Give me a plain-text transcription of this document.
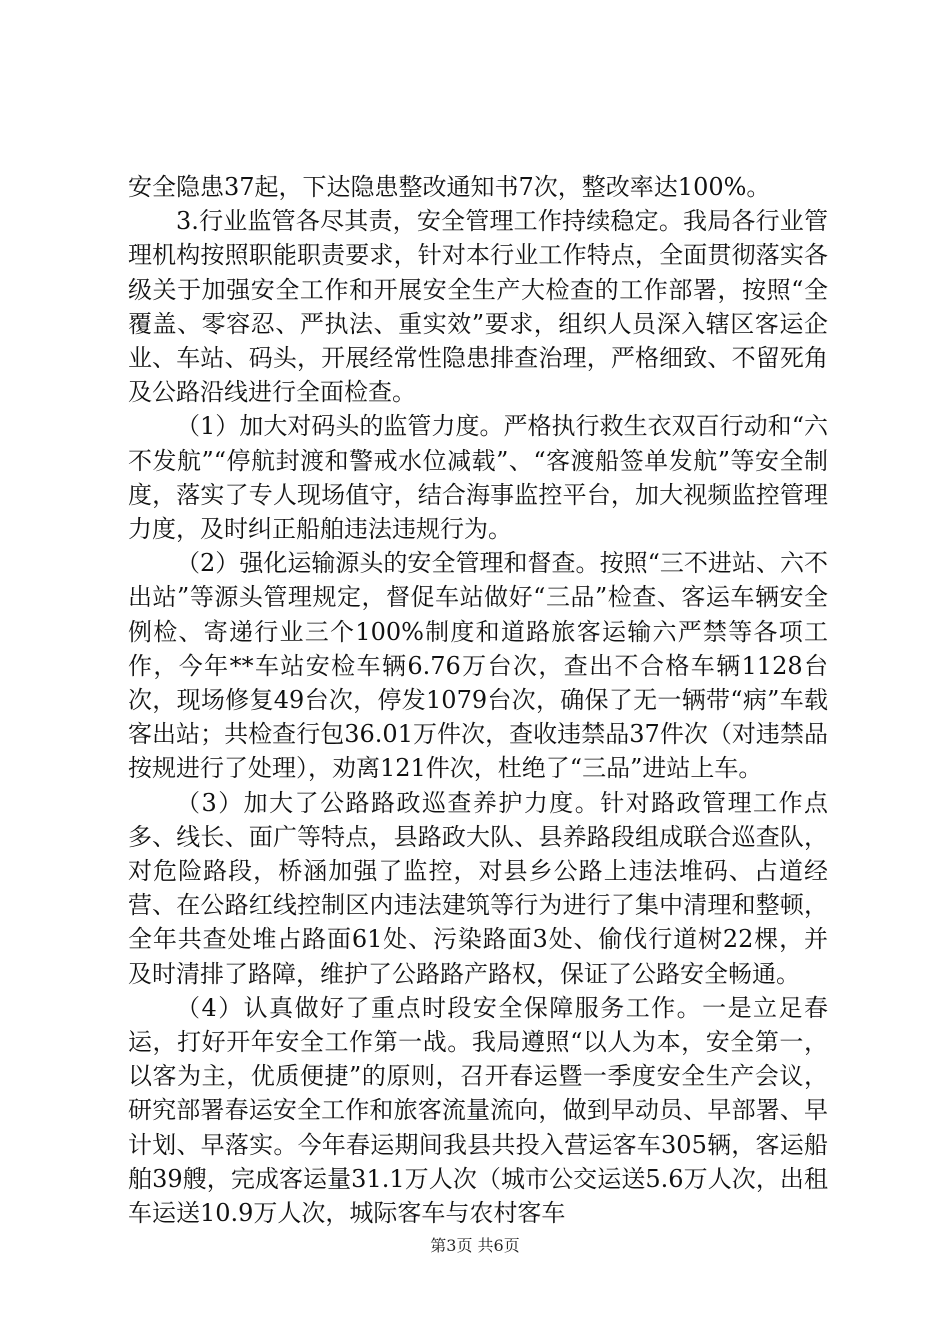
安全隐患37起，下达隐患整改通知书7次，整改率达100%。

3.行业监管各尽其责，安全管理工作持续稳定。我局各行业管理机构按照职能职责要求，针对本行业工作特点，全面贯彻落实各级关于加强安全工作和开展安全生产大检查的工作部署，按照“全覆盖、零容忍、严执法、重实效”要求，组织人员深入辖区客运企业、车站、码头，开展经常性隐患排查治理，严格细致、不留死角及公路沿线进行全面检查。

（1）加大对码头的监管力度。严格执行救生衣双百行动和“六不发航”“停航封渡和警戒水位减载”、“客渡船签单发航”等安全制度，落实了专人现场值守，结合海事监控平台，加大视频监控管理力度，及时纠正船舶违法违规行为。

（2）强化运输源头的安全管理和督查。按照“三不进站、六不出站”等源头管理规定，督促车站做好“三品”检查、客运车辆安全例检、寄递行业三个100%制度和道路旅客运输六严禁等各项工作，今年**车站安检车辆6.76万台次，查出不合格车辆1128台次，现场修复49台次，停发1079台次，确保了无一辆带“病”车载客出站；共检查行包36.01万件次，查收违禁品37件次（对违禁品按规进行了处理），劝离121件次，杜绝了“三品”进站上车。

（3）加大了公路路政巡查养护力度。针对路政管理工作点多、线长、面广等特点，县路政大队、县养路段组成联合巡查队，对危险路段，桥涵加强了监控，对县乡公路上违法堆码、占道经营、在公路红线控制区内违法建筑等行为进行了集中清理和整顿，全年共查处堆占路面61处、污染路面3处、偷伐行道树22棵，并及时清排了路障，维护了公路路产路权，保证了公路安全畅通。

（4）认真做好了重点时段安全保障服务工作。一是立足春运，打好开年安全工作第一战。我局遵照“以人为本，安全第一，以客为主，优质便捷”的原则，召开春运暨一季度安全生产会议，研究部署春运安全工作和旅客流量流向，做到早动员、早部署、早计划、早落实。今年春运期间我县共投入营运客车305辆，客运船舶39艘，完成客运量31.1万人次（城市公交运送5.6万人次，出租车运送10.9万人次，城际客车与农村客车

第3页 共6页
